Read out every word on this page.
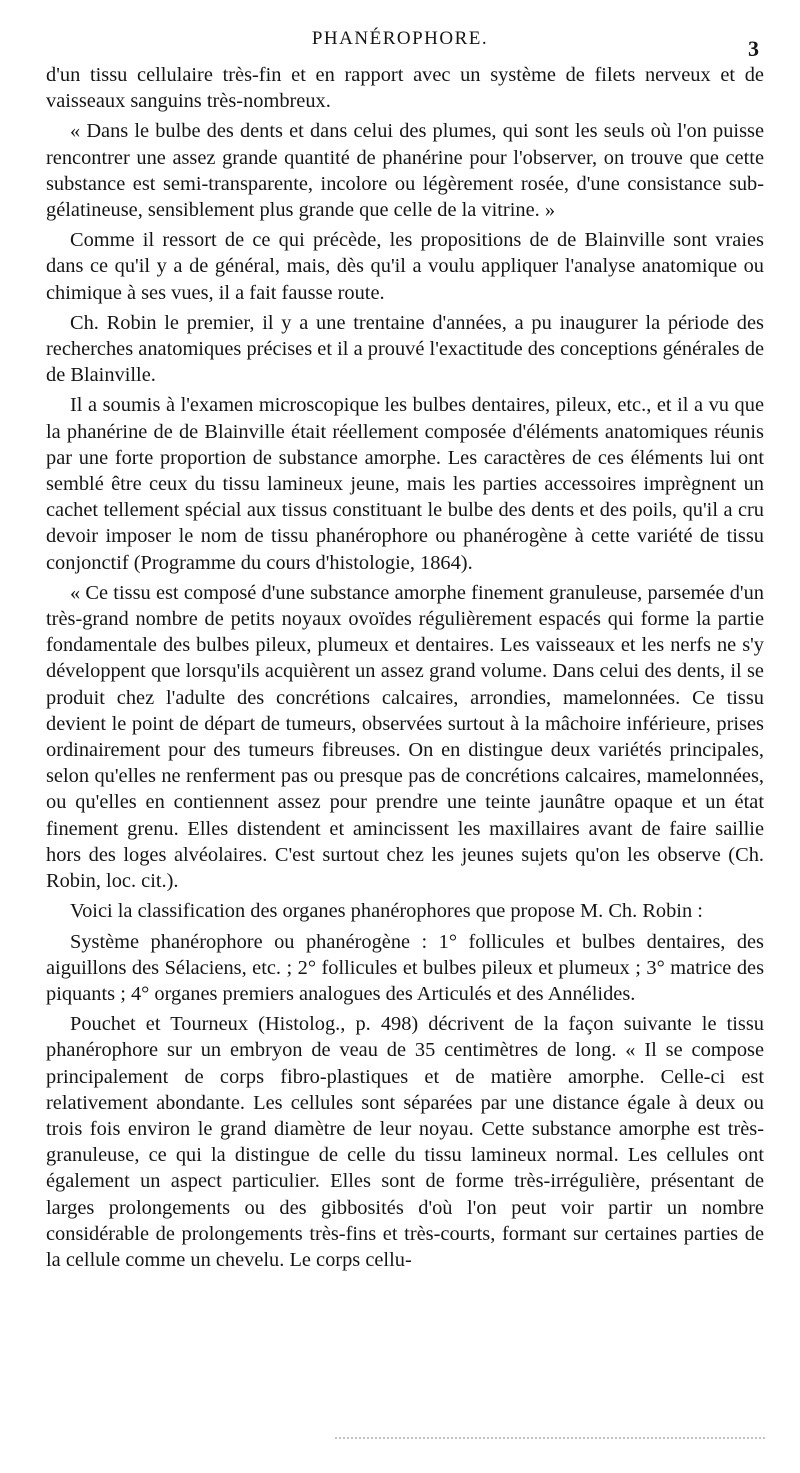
PHANÉROPHORE.	3

d'un tissu cellulaire très-fin et en rapport avec un système de filets nerveux et de vaisseaux sanguins très-nombreux.

« Dans le bulbe des dents et dans celui des plumes, qui sont les seuls où l'on puisse rencontrer une assez grande quantité de phanérine pour l'observer, on trouve que cette substance est semi-transparente, incolore ou légèrement rosée, d'une consistance sub-gélatineuse, sensiblement plus grande que celle de la vitrine. »

Comme il ressort de ce qui précède, les propositions de de Blainville sont vraies dans ce qu'il y a de général, mais, dès qu'il a voulu appliquer l'analyse anatomique ou chimique à ses vues, il a fait fausse route.

Ch. Robin le premier, il y a une trentaine d'années, a pu inaugurer la période des recherches anatomiques précises et il a prouvé l'exactitude des conceptions générales de de Blainville.

Il a soumis à l'examen microscopique les bulbes dentaires, pileux, etc., et il a vu que la phanérine de de Blainville était réellement composée d'éléments anatomiques réunis par une forte proportion de substance amorphe. Les caractères de ces éléments lui ont semblé être ceux du tissu lamineux jeune, mais les parties accessoires imprègnent un cachet tellement spécial aux tissus constituant le bulbe des dents et des poils, qu'il a cru devoir imposer le nom de tissu phanérophore ou phanérogène à cette variété de tissu conjonctif (Programme du cours d'histologie, 1864).

« Ce tissu est composé d'une substance amorphe finement granuleuse, parsemée d'un très-grand nombre de petits noyaux ovoïdes régulièrement espacés qui forme la partie fondamentale des bulbes pileux, plumeux et dentaires. Les vaisseaux et les nerfs ne s'y développent que lorsqu'ils acquièrent un assez grand volume. Dans celui des dents, il se produit chez l'adulte des concrétions calcaires, arrondies, mamelonnées. Ce tissu devient le point de départ de tumeurs, observées surtout à la mâchoire inférieure, prises ordinairement pour des tumeurs fibreuses. On en distingue deux variétés principales, selon qu'elles ne renferment pas ou presque pas de concrétions calcaires, mamelonnées, ou qu'elles en contiennent assez pour prendre une teinte jaunâtre opaque et un état finement grenu. Elles distendent et amincissent les maxillaires avant de faire saillie hors des loges alvéolaires. C'est surtout chez les jeunes sujets qu'on les observe (Ch. Robin, loc. cit.).

Voici la classification des organes phanérophores que propose M. Ch. Robin :

Système phanérophore ou phanérogène : 1° follicules et bulbes dentaires, des aiguillons des Sélaciens, etc. ; 2° follicules et bulbes pileux et plumeux ; 3° matrice des piquants ; 4° organes premiers analogues des Articulés et des Annélides.

Pouchet et Tourneux (Histolog., p. 498) décrivent de la façon suivante le tissu phanérophore sur un embryon de veau de 35 centimètres de long. « Il se compose principalement de corps fibro-plastiques et de matière amorphe. Celle-ci est relativement abondante. Les cellules sont séparées par une distance égale à deux ou trois fois environ le grand diamètre de leur noyau. Cette substance amorphe est très-granuleuse, ce qui la distingue de celle du tissu lamineux normal. Les cellules ont également un aspect particulier. Elles sont de forme très-irrégulière, présentant de larges prolongements ou des gibbosités d'où l'on peut voir partir un nombre considérable de prolongements très-fins et très-courts, formant sur certaines parties de la cellule comme un chevelu. Le corps cellu-
